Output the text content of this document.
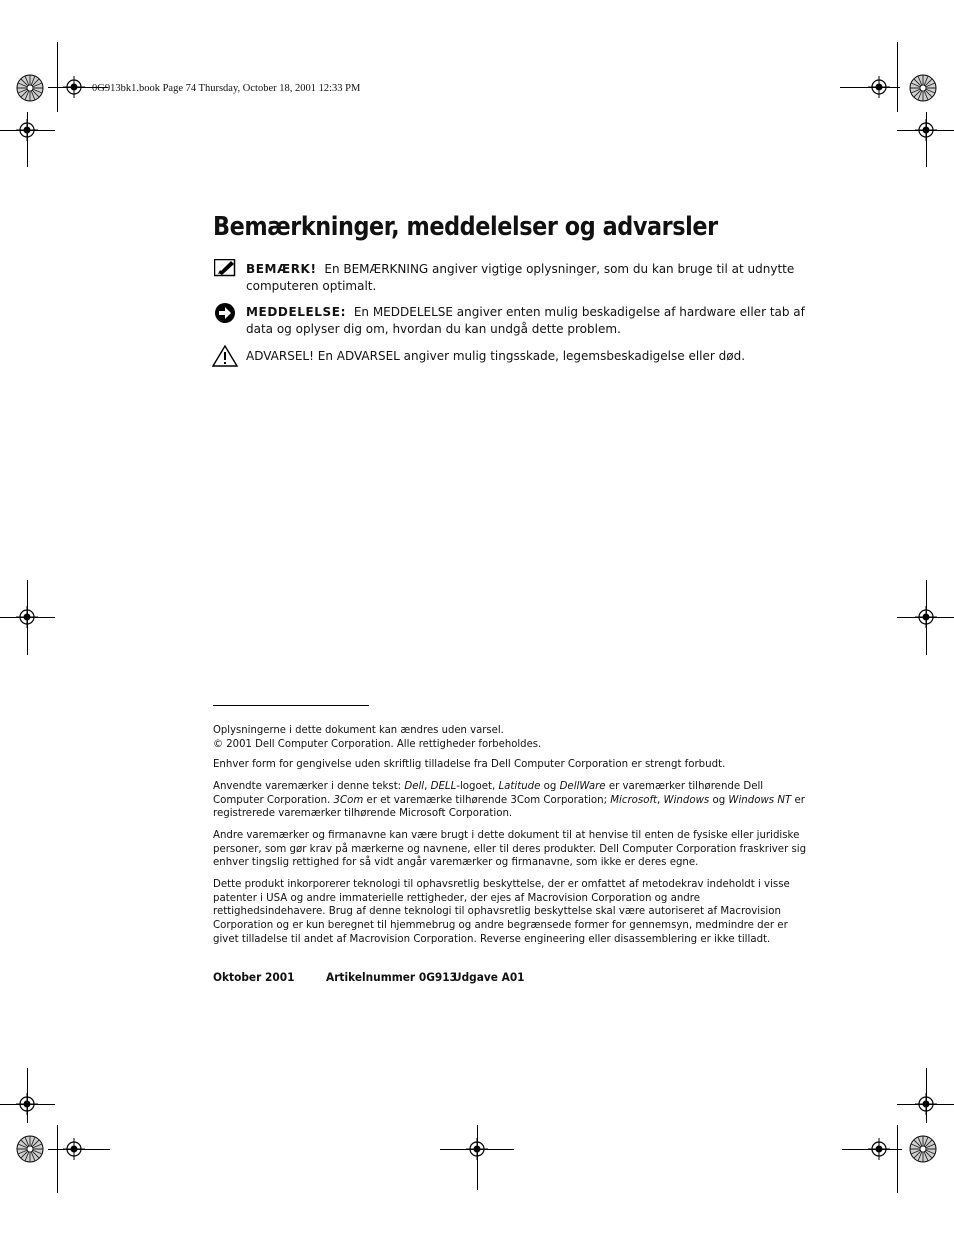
0G913bk1.book Page 74 Thursday, October 18, 2001 12:33 PM
Bemærkninger, meddelelser og advarsler
BEMÆRK! En BEMÆRKNING angiver vigtige oplysninger, som du kan bruge til at udnytte computeren optimalt.
MEDDELELSE: En MEDDELELSE angiver enten mulig beskadigelse af hardware eller tab af data og oplyser dig om, hvordan du kan undgå dette problem.
ADVARSEL! En ADVARSEL angiver mulig tingsskade, legemsbeskadigelse eller død.
Oplysningerne i dette dokument kan ændres uden varsel.
© 2001 Dell Computer Corporation. Alle rettigheder forbeholdes.
Enhver form for gengivelse uden skriftlig tilladelse fra Dell Computer Corporation er strengt forbudt.
Anvendte varemærker i denne tekst: Dell, DELL-logoet, Latitude og DellWare er varemærker tilhørende Dell Computer Corporation. 3Com er et varemærke tilhørende 3Com Corporation; Microsoft, Windows og Windows NT er registrerede varemærker tilhørende Microsoft Corporation.
Andre varemærker og firmanavne kan være brugt i dette dokument til at henvise til enten de fysiske eller juridiske personer, som gør krav på mærkerne og navnene, eller til deres produkter. Dell Computer Corporation fraskriver sig enhver tingslig rettighed for så vidt angår varemærker og firmanavne, som ikke er deres egne.
Dette produkt inkorporerer teknologi til ophavsretlig beskyttelse, der er omfattet af metodekrav indeholdt i visse patenter i USA og andre immaterielle rettigheder, der ejes af Macrovision Corporation og andre rettighedsindehavere. Brug af denne teknologi til ophavsretlig beskyttelse skal være autoriseret af Macrovision Corporation og er kun beregnet til hjemmebrug og andre begrænsede former for gennemsyn, medmindre der er givet tilladelse til andet af Macrovision Corporation. Reverse engineering eller disassemblering er ikke tilladt.
Oktober 2001	Artikelnummer 0G913
Udgave A01
